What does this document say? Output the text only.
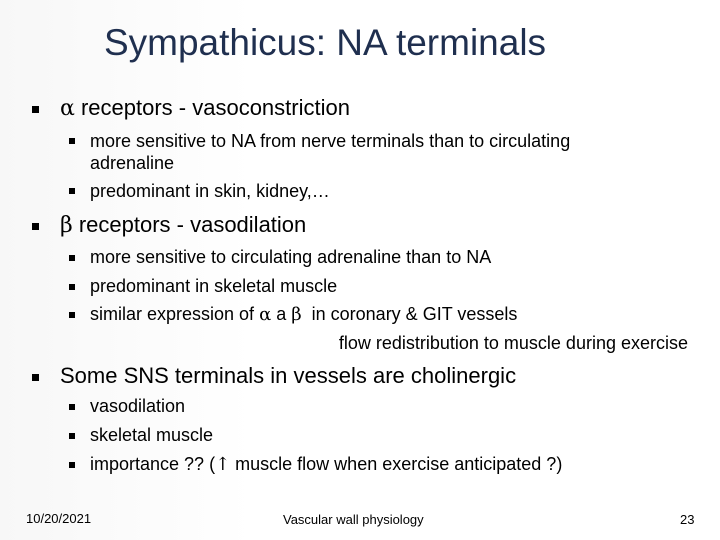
Sympathicus: NA terminals
α receptors - vasoconstriction
more sensitive to NA from nerve terminals than to circulating
adrenaline
predominant in skin, kidney,…
β receptors - vasodilation
more sensitive to circulating adrenaline than to NA
predominant in skeletal muscle
similar expression of α a β  in coronary & GIT vessels
flow redistribution to muscle during exercise
Some SNS terminals in vessels are cholinergic
vasodilation
skeletal muscle
importance ?? (↑ muscle flow when exercise anticipated ?)
10/20/2021	Vascular wall physiology	23
